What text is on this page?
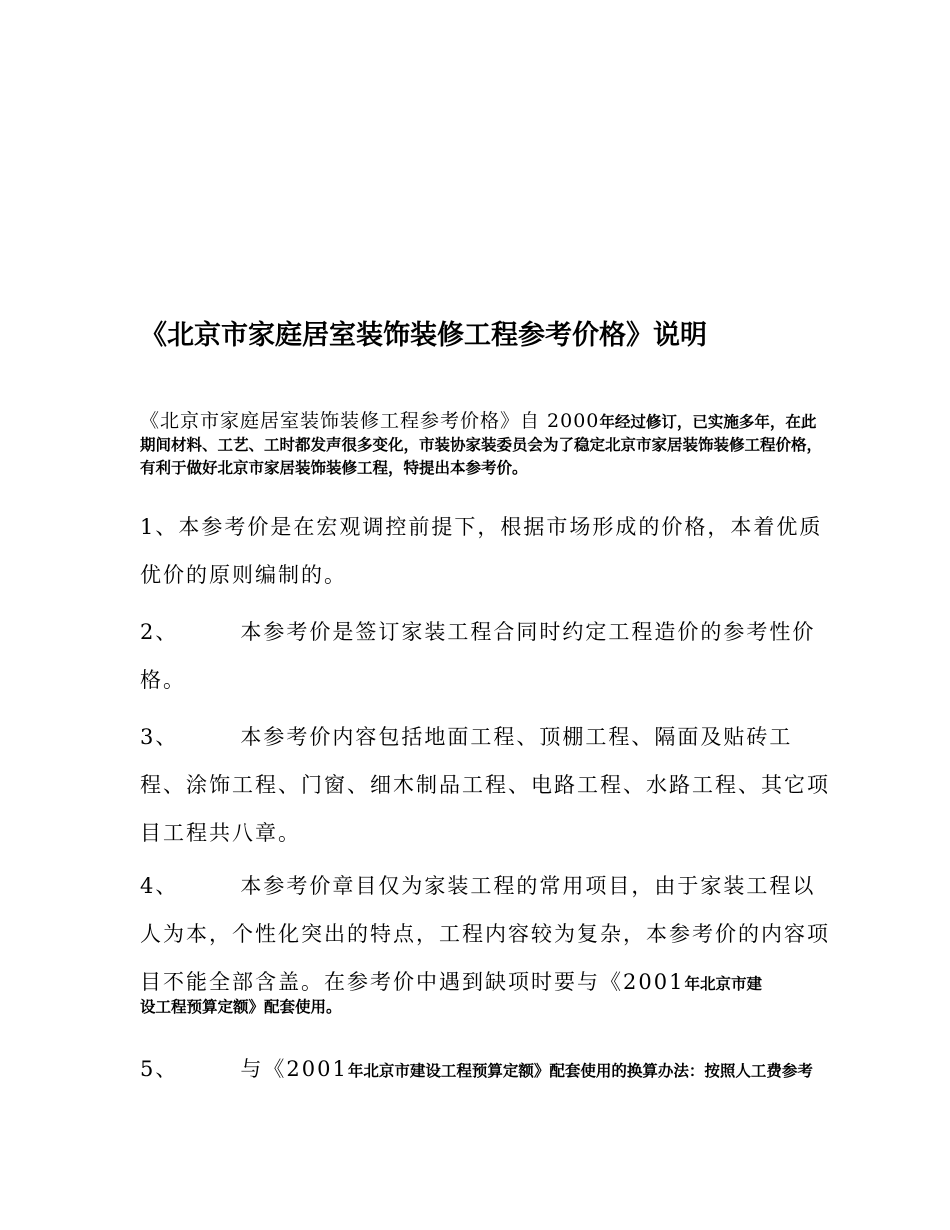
《北京市家庭居室装饰装修工程参考价格》说明
《北京市家庭居室装饰装修工程参考价格》自 2000年经过修订，已实施多年，在此期间材料、工艺、工时都发声很多变化，市装协家装委员会为了稳定北京市家居装饰装修工程价格，有利于做好北京市家居装饰装修工程，特提出本参考价。
1、本参考价是在宏观调控前提下，根据市场形成的价格，本着优质优价的原则编制的。
2、	本参考价是签订家装工程合同时约定工程造价的参考性价格。
3、	本参考价内容包括地面工程、顶棚工程、隔面及贴砖工程、涂饰工程、门窗、细木制品工程、电路工程、水路工程、其它项目工程共八章。
4、	本参考价章目仅为家装工程的常用项目，由于家装工程以人为本，个性化突出的特点，工程内容较为复杂，本参考价的内容项目不能全部含盖。在参考价中遇到缺项时要与《2001年北京市建
设工程预算定额》配套使用。
5、	与《2001年北京市建设工程预算定额》配套使用的换算办法：按照人工费参考
